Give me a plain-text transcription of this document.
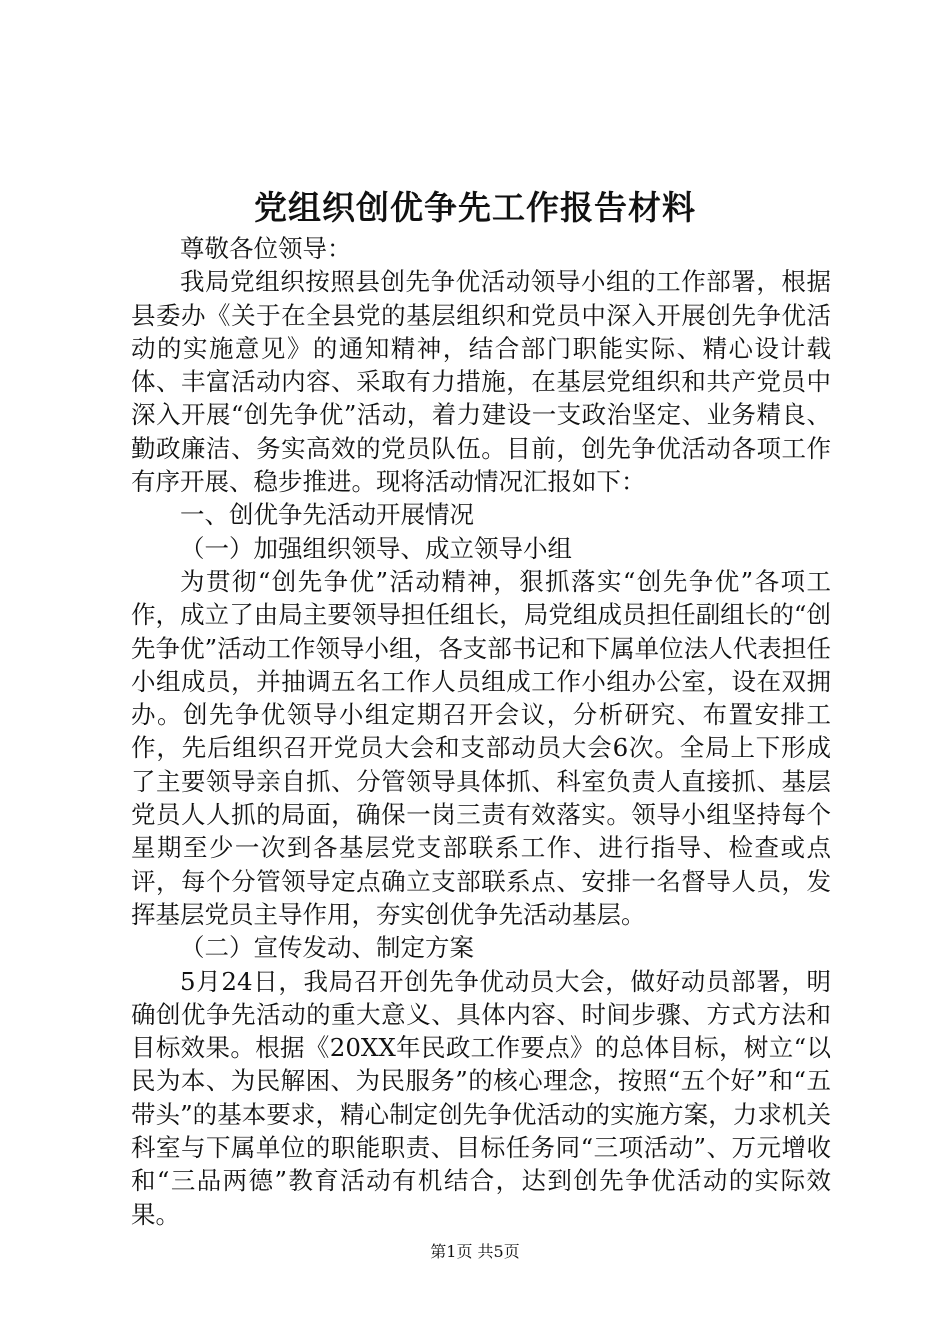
党组织创优争先工作报告材料

尊敬各位领导：

我局党组织按照县创先争优活动领导小组的工作部署，根据县委办《关于在全县党的基层组织和党员中深入开展创先争优活动的实施意见》的通知精神，结合部门职能实际、精心设计载体、丰富活动内容、采取有力措施，在基层党组织和共产党员中深入开展“创先争优”活动，着力建设一支政治坚定、业务精良、勤政廉洁、务实高效的党员队伍。目前，创先争优活动各项工作有序开展、稳步推进。现将活动情况汇报如下：

一、创优争先活动开展情况

（一）加强组织领导、成立领导小组

为贯彻“创先争优”活动精神，狠抓落实“创先争优”各项工作，成立了由局主要领导担任组长，局党组成员担任副组长的“创先争优”活动工作领导小组，各支部书记和下属单位法人代表担任小组成员，并抽调五名工作人员组成工作小组办公室，设在双拥办。创先争优领导小组定期召开会议，分析研究、布置安排工作，先后组织召开党员大会和支部动员大会6次。全局上下形成了主要领导亲自抓、分管领导具体抓、科室负责人直接抓、基层党员人人抓的局面，确保一岗三责有效落实。领导小组坚持每个星期至少一次到各基层党支部联系工作、进行指导、检查或点评，每个分管领导定点确立支部联系点、安排一名督导人员，发挥基层党员主导作用，夯实创优争先活动基层。

（二）宣传发动、制定方案

5月24日，我局召开创先争优动员大会，做好动员部署，明确创优争先活动的重大意义、具体内容、时间步骤、方式方法和目标效果。根据《20XX年民政工作要点》的总体目标，树立“以民为本、为民解困、为民服务”的核心理念，按照“五个好”和“五带头”的基本要求，精心制定创先争优活动的实施方案，力求机关科室与下属单位的职能职责、目标任务同“三项活动”、万元增收和“三品两德”教育活动有机结合，达到创先争优活动的实际效果。

第1页 共5页
